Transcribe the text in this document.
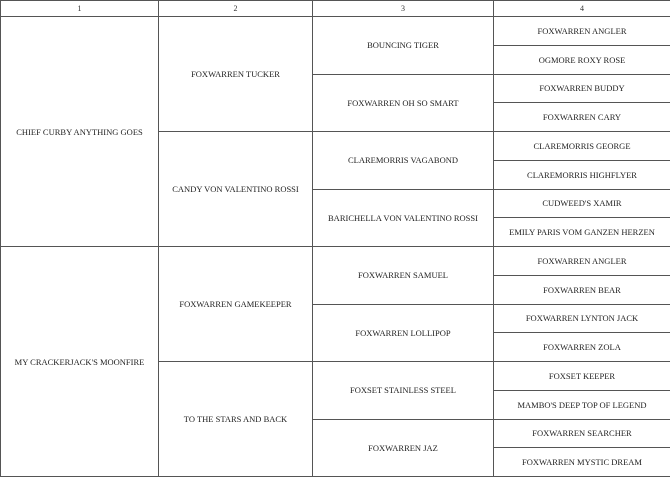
1	2	3	4
CHIEF CURBY ANYTHING GOES	FOXWARREN TUCKER	BOUNCING TIGER	FOXWARREN ANGLER
			OGMORE ROXY ROSE
		FOXWARREN OH SO SMART	FOXWARREN BUDDY
			FOXWARREN CARY
	CANDY VON VALENTINO ROSSI	CLAREMORRIS VAGABOND	CLAREMORRIS GEORGE
			CLAREMORRIS HIGHFLYER
		BARICHELLA VON VALENTINO ROSSI	CUDWEED'S XAMIR
			EMILY PARIS VOM GANZEN HERZEN
MY CRACKERJACK'S MOONFIRE	FOXWARREN GAMEKEEPER	FOXWARREN SAMUEL	FOXWARREN ANGLER
			FOXWARREN BEAR
		FOXWARREN LOLLIPOP	FOXWARREN LYNTON JACK
			FOXWARREN ZOLA
	TO THE STARS AND BACK	FOXSET STAINLESS STEEL	FOXSET KEEPER
			MAMBO'S DEEP TOP OF LEGEND
		FOXWARREN JAZ	FOXWARREN SEARCHER
			FOXWARREN MYSTIC DREAM
